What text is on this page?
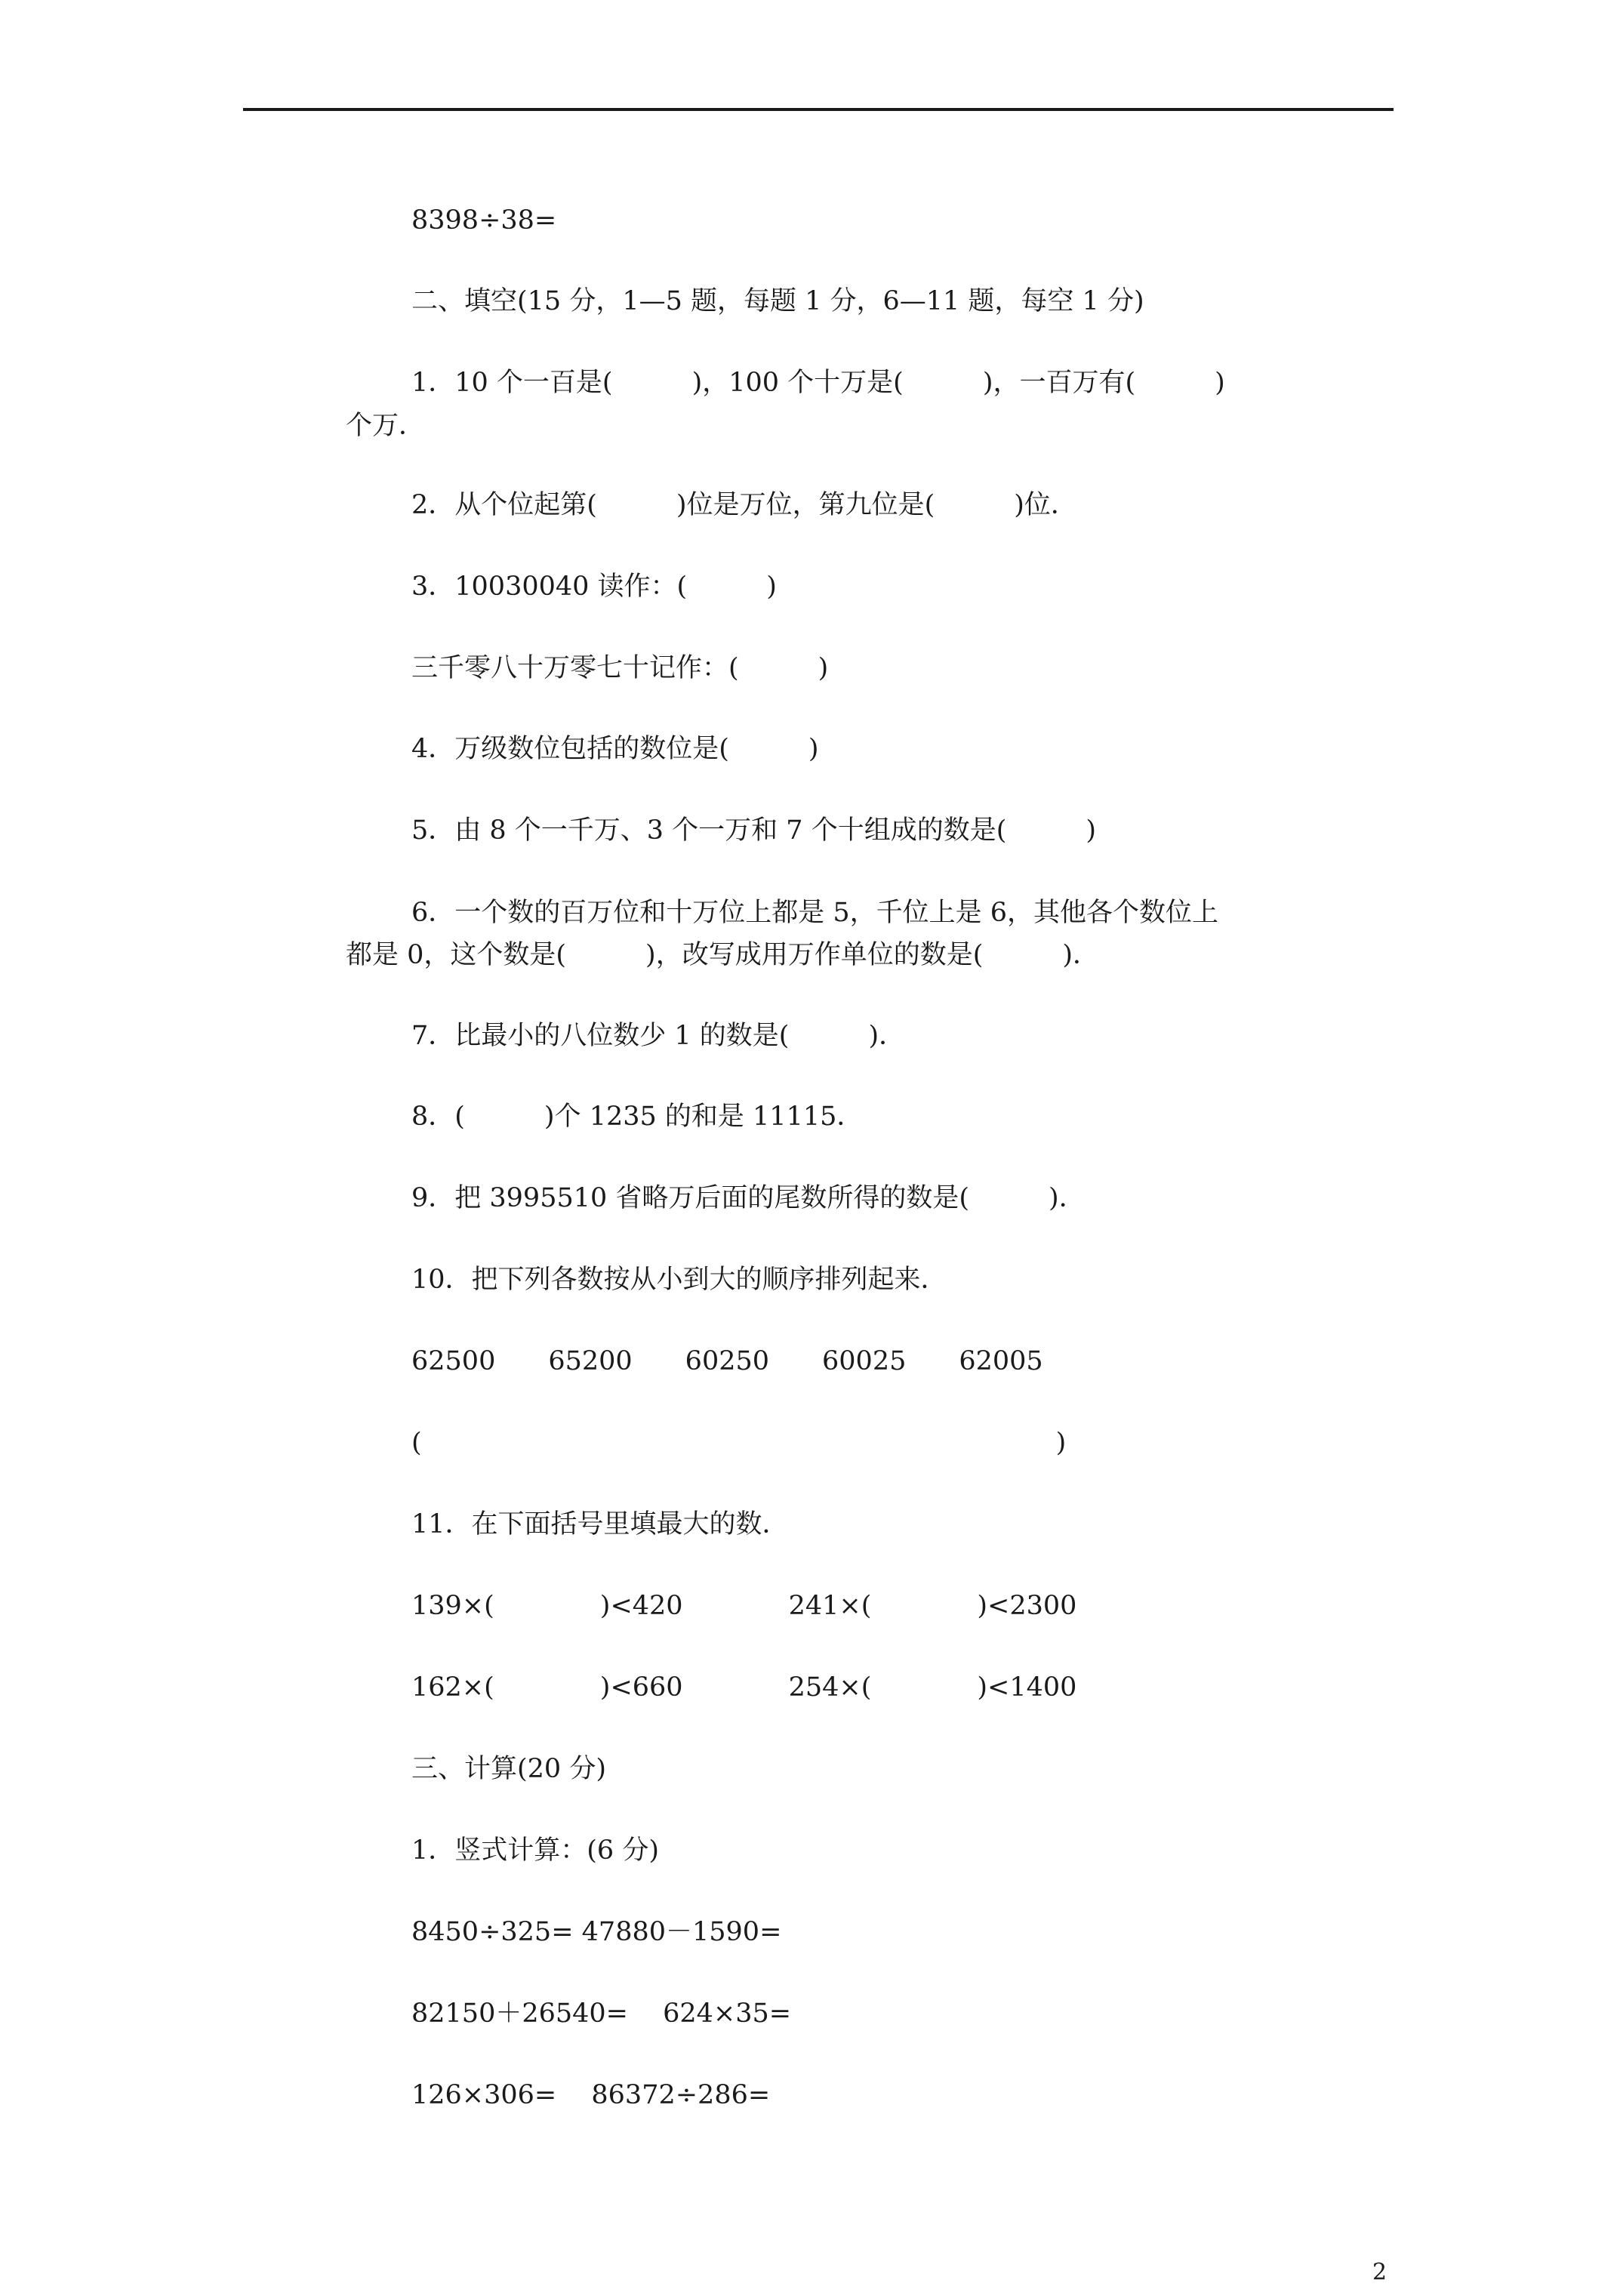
8398÷38=
二、填空(15 分，1—5 题，每题 1 分，6—11 题，每空 1 分)
1．10 个一百是(　　　)，100 个十万是(　　　)，一百万有(　　　)
个万．
2．从个位起第(　　　)位是万位，第九位是(　　　)位．
3．10030040 读作：(　　　)
三千零八十万零七十记作：(　　　)
4．万级数位包括的数位是(　　　)
5．由 8 个一千万、3 个一万和 7 个十组成的数是(　　　)
6．一个数的百万位和十万位上都是 5，千位上是 6，其他各个数位上
都是 0，这个数是(　　　)，改写成用万作单位的数是(　　　)．
7．比最小的八位数少 1 的数是(　　　)．
8．(　　　)个 1235 的和是 11115．
9．把 3995510 省略万后面的尾数所得的数是(　　　)．
10．把下列各数按从小到大的顺序排列起来．
62500　　65200　　60250　　60025　　62005
(　　　　　　　　　　　　　　　　　　　　　　　　)
11．在下面括号里填最大的数．
139×(　　　　)<420　　　　241×(　　　　)<2300
162×(　　　　)<660　　　　254×(　　　　)<1400
三、计算(20 分)
1．竖式计算：(6 分)
8450÷325= 47880－1590=
82150＋26540=　 624×35=
126×306=　 86372÷286=
2
